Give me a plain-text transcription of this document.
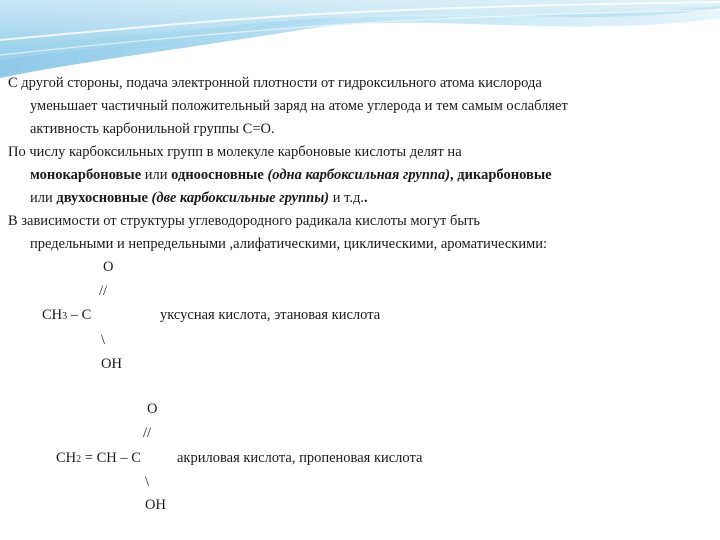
С другой стороны, подача электронной плотности от гидроксильного атома кислорода
уменьшает частичный положительный заряд на атоме углерода и тем самым ослабляет
активность карбонильной группы С=О.
По числу карбоксильных групп в молекуле карбоновые кислоты делят на
монокарбоновые или одноосновные (одна карбоксильная группа), дикарбоновые
или двухосновные (две карбоксильные группы) и т.д..
В зависимости от структуры углеводородного радикала кислоты могут быть
предельными и непредельными ,алифатическими, циклическими, ароматическими:
O
//
CH3 – C	уксусная кислота, этановая кислота
\
OH
O
//
CH2 = CH – C акриловая кислота, пропеновая кислота
\
OH
